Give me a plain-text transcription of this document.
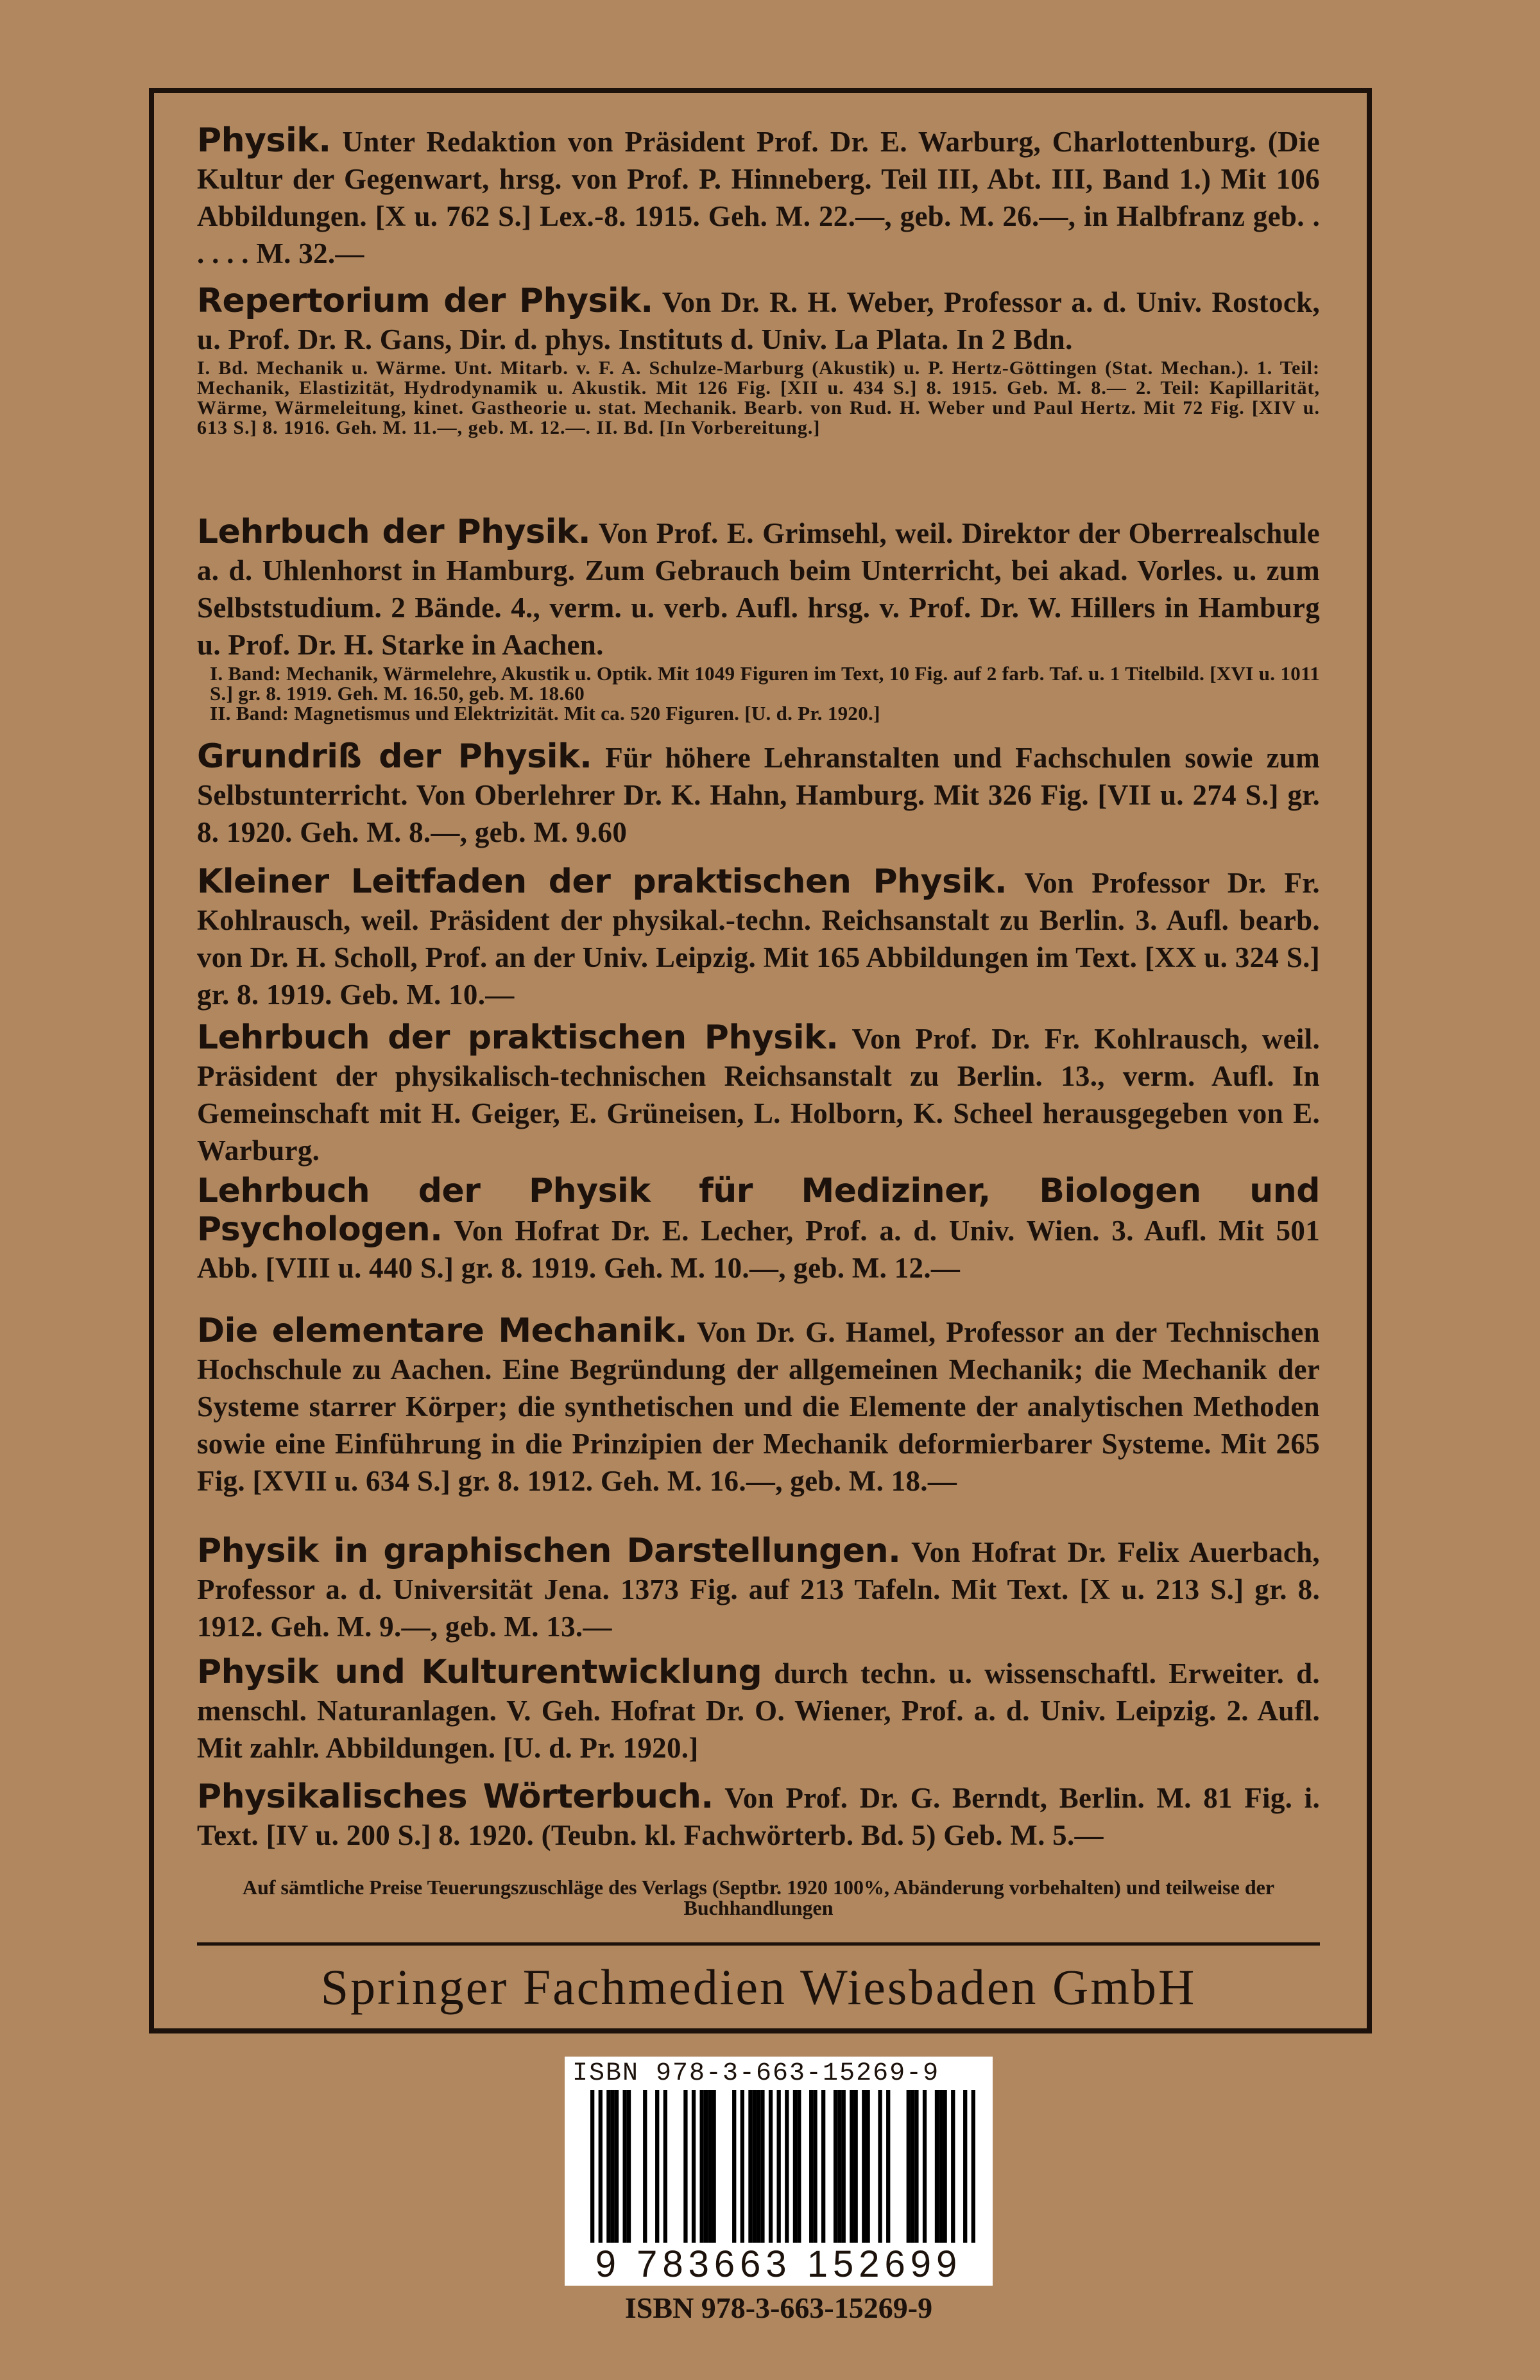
Physik. Unter Redaktion von Präsident Prof. Dr. E. Warburg, Charlottenburg. (Die Kultur der Gegenwart, hrsg. von Prof. P. Hinneberg. Teil III, Abt. III, Band 1.) Mit 106 Abbildungen. [X u. 762 S.] Lex.-8. 1915. Geh. M. 22.—, geb. M. 26.—, in Halbfranz geb. . . . . . M. 32.—
Repertorium der Physik. Von Dr. R. H. Weber, Professor a. d. Univ. Rostock, u. Prof. Dr. R. Gans, Dir. d. phys. Instituts d. Univ. La Plata. In 2 Bdn.
I. Bd. Mechanik u. Wärme. Unt. Mitarb. v. F. A. Schulze-Marburg (Akustik) u. P. Hertz-Göttingen (Stat. Mechan.). 1. Teil: Mechanik, Elastizität, Hydrodynamik u. Akustik. Mit 126 Fig. [XII u. 434 S.] 8. 1915. Geb. M. 8.— 2. Teil: Kapillarität, Wärme, Wärmeleitung, kinet. Gastheorie u. stat. Mechanik. Bearb. von Rud. H. Weber und Paul Hertz. Mit 72 Fig. [XIV u. 613 S.] 8. 1916. Geh. M. 11.—, geb. M. 12.—. II. Bd. [In Vorbereitung.]
Lehrbuch der Physik. Von Prof. E. Grimsehl, weil. Direktor der Oberrealschule a. d. Uhlenhorst in Hamburg. Zum Gebrauch beim Unterricht, bei akad. Vorles. u. zum Selbststudium. 2 Bände. 4., verm. u. verb. Aufl. hrsg. v. Prof. Dr. W. Hillers in Hamburg u. Prof. Dr. H. Starke in Aachen.
I. Band: Mechanik, Wärmelehre, Akustik u. Optik. Mit 1049 Figuren im Text, 10 Fig. auf 2 farb. Taf. u. 1 Titelbild. [XVI u. 1011 S.] gr. 8. 1919. Geh. M. 16.50, geb. M. 18.60
II. Band: Magnetismus und Elektrizität. Mit ca. 520 Figuren. [U. d. Pr. 1920.]
Grundriß der Physik. Für höhere Lehranstalten und Fachschulen sowie zum Selbstunterricht. Von Oberlehrer Dr. K. Hahn, Hamburg. Mit 326 Fig. [VII u. 274 S.] gr. 8. 1920. Geh. M. 8.—, geb. M. 9.60
Kleiner Leitfaden der praktischen Physik. Von Professor Dr. Fr. Kohlrausch, weil. Präsident der physikal.-techn. Reichsanstalt zu Berlin. 3. Aufl. bearb. von Dr. H. Scholl, Prof. an der Univ. Leipzig. Mit 165 Abbildungen im Text. [XX u. 324 S.] gr. 8. 1919. Geb. M. 10.—
Lehrbuch der praktischen Physik. Von Prof. Dr. Fr. Kohlrausch, weil. Präsident der physikalisch-technischen Reichsanstalt zu Berlin. 13., verm. Aufl. In Gemeinschaft mit H. Geiger, E. Grüneisen, L. Holborn, K. Scheel herausgegeben von E. Warburg.
Lehrbuch der Physik für Mediziner, Biologen und Psychologen. Von Hofrat Dr. E. Lecher, Prof. a. d. Univ. Wien. 3. Aufl. Mit 501 Abb. [VIII u. 440 S.] gr. 8. 1919. Geh. M. 10.—, geb. M. 12.—
Die elementare Mechanik. Von Dr. G. Hamel, Professor an der Technischen Hochschule zu Aachen. Eine Begründung der allgemeinen Mechanik; die Mechanik der Systeme starrer Körper; die synthetischen und die Elemente der analytischen Methoden sowie eine Einführung in die Prinzipien der Mechanik deformierbarer Systeme. Mit 265 Fig. [XVII u. 634 S.] gr. 8. 1912. Geh. M. 16.—, geb. M. 18.—
Physik in graphischen Darstellungen. Von Hofrat Dr. Felix Auerbach, Professor a. d. Universität Jena. 1373 Fig. auf 213 Tafeln. Mit Text. [X u. 213 S.] gr. 8. 1912. Geh. M. 9.—, geb. M. 13.—
Physik und Kulturentwicklung durch techn. u. wissenschaftl. Erweiter. d. menschl. Naturanlagen. V. Geh. Hofrat Dr. O. Wiener, Prof. a. d. Univ. Leipzig. 2. Aufl. Mit zahlr. Abbildungen. [U. d. Pr. 1920.]
Physikalisches Wörterbuch. Von Prof. Dr. G. Berndt, Berlin. M. 81 Fig. i. Text. [IV u. 200 S.] 8. 1920. (Teubn. kl. Fachwörterb. Bd. 5) Geb. M. 5.—
Auf sämtliche Preise Teuerungszuschläge des Verlags (Septbr. 1920 100%, Abänderung vorbehalten) und teilweise der Buchhandlungen
Springer Fachmedien Wiesbaden GmbH
ISBN 978-3-663-15269-9
9 783663 152699
ISBN 978-3-663-15269-9
